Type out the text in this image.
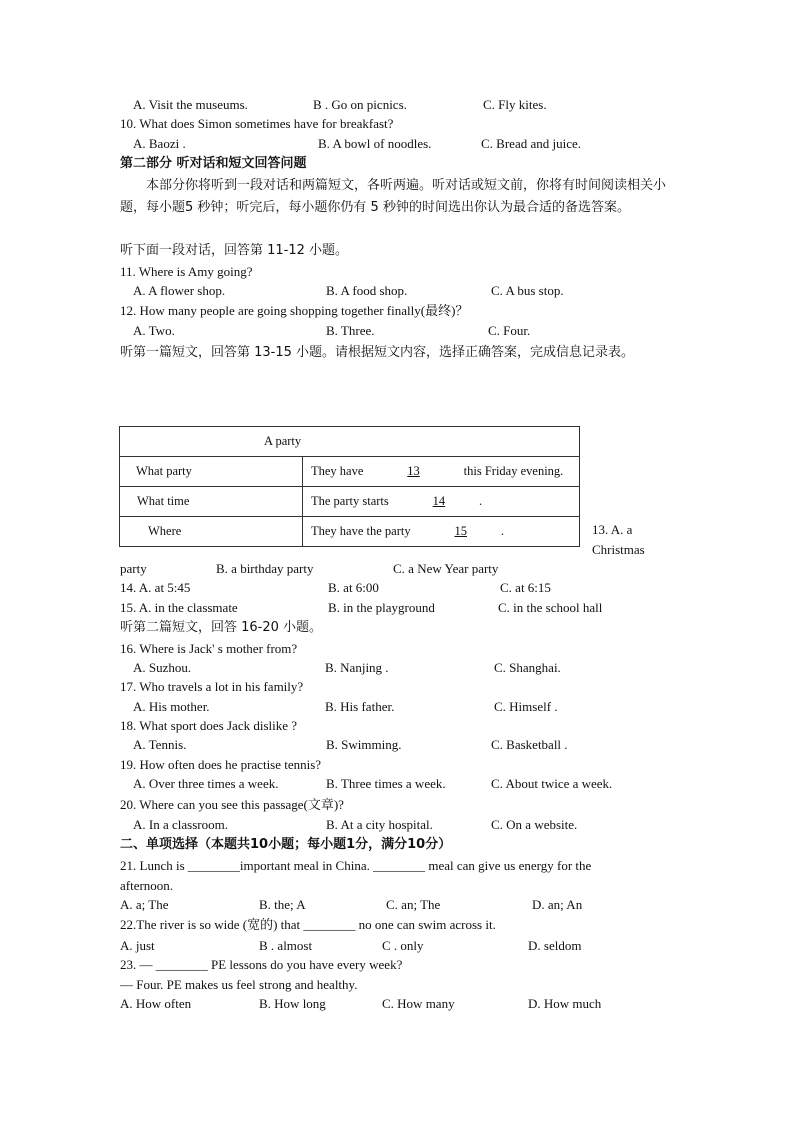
A. Visit the museums.	B . Go on picnics.	C. Fly kites.
10. What does Simon sometimes have for breakfast?
A. Baozi .	B. A bowl of noodles.	C. Bread and juice.
第二部分 听对话和短文回答问题
本部分你将听到一段对话和两篇短文，各听两遍。听对话或短文前，你将有时间阅读相关小题，每小题5 秒钟；听完后，每小题你仍有 5 秒钟的时间选出你认为最合适的备选答案。
听下面一段对话，回答第 11-12 小题。
11. Where is Amy going?
A. A flower shop.	B. A food shop.	C. A bus stop.
12. How many people are going shopping together finally(最终)？
A. Two.	B. Three.	C. Four.
听第一篇短文，回答第 13-15 小题。请根据短文内容，选择正确答案，完成信息记录表。
A party	
What party	They have 13 this Friday evening.
What time	The party starts 14 .
Where	They have the party 15 .	13. A. a Christmas
party	B. a birthday party	C. a New Year party
14. A. at 5:45	B. at 6:00	C. at 6:15
15. A. in the classmate	B. in the playground	C. in the school hall
听第二篇短文，回答 16-20 小题。
16. Where is Jack' s mother from?
A. Suzhou.	B. Nanjing .	C. Shanghai.
17. Who travels a lot in his family?
A. His mother.	B. His father.	C. Himself .
18. What sport does Jack dislike ?
A. Tennis.	B. Swimming.	C. Basketball .
19. How often does he practise tennis?
A. Over three times a week.	B. Three times a week.	C. About twice a week.
20. Where can you see this passage(文章)?
A. In a classroom.	B. At a city hospital.	C. On a website.
二、单项选择（本题共10小题；每小题1分，满分10分）
21. Lunch is ________important meal in China. ________ meal can give us energy for the
afternoon.
A. a; The	B. the; A	C. an; The	D. an; An
22.The river is so wide (宽的) that ________ no one can swim across it.
A. just	B . almost	C . only	D. seldom
23. — ________ PE lessons do you have every week?
— Four. PE makes us feel strong and healthy.
A. How often	B. How long	C. How many	D. How much
